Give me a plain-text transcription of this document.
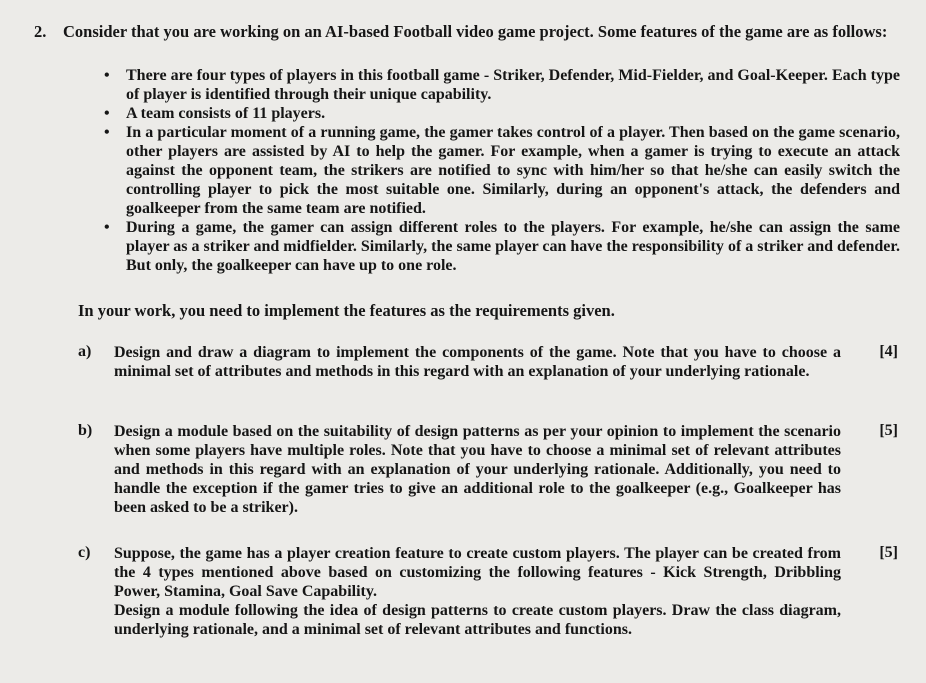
2. Consider that you are working on an AI-based Football video game project. Some features of the game are as follows:
• There are four types of players in this football game - Striker, Defender, Mid-Fielder, and Goal-Keeper. Each type of player is identified through their unique capability.
• A team consists of 11 players.
• In a particular moment of a running game, the gamer takes control of a player. Then based on the game scenario, other players are assisted by AI to help the gamer. For example, when a gamer is trying to execute an attack against the opponent team, the strikers are notified to sync with him/her so that he/she can easily switch the controlling player to pick the most suitable one. Similarly, during an opponent's attack, the defenders and goalkeeper from the same team are notified.
• During a game, the gamer can assign different roles to the players. For example, he/she can assign the same player as a striker and midfielder. Similarly, the same player can have the responsibility of a striker and defender. But only, the goalkeeper can have up to one role.
In your work, you need to implement the features as the requirements given.
a) Design and draw a diagram to implement the components of the game. Note that you have to choose a minimal set of attributes and methods in this regard with an explanation of your underlying rationale.
[4]
b) Design a module based on the suitability of design patterns as per your opinion to implement the scenario when some players have multiple roles. Note that you have to choose a minimal set of relevant attributes and methods in this regard with an explanation of your underlying rationale. Additionally, you need to handle the exception if the gamer tries to give an additional role to the goalkeeper (e.g., Goalkeeper has been asked to be a striker).
[5]
c) Suppose, the game has a player creation feature to create custom players. The player can be created from the 4 types mentioned above based on customizing the following features - Kick Strength, Dribbling Power, Stamina, Goal Save Capability.

Design a module following the idea of design patterns to create custom players. Draw the class diagram, underlying rationale, and a minimal set of relevant attributes and functions.

[5]
